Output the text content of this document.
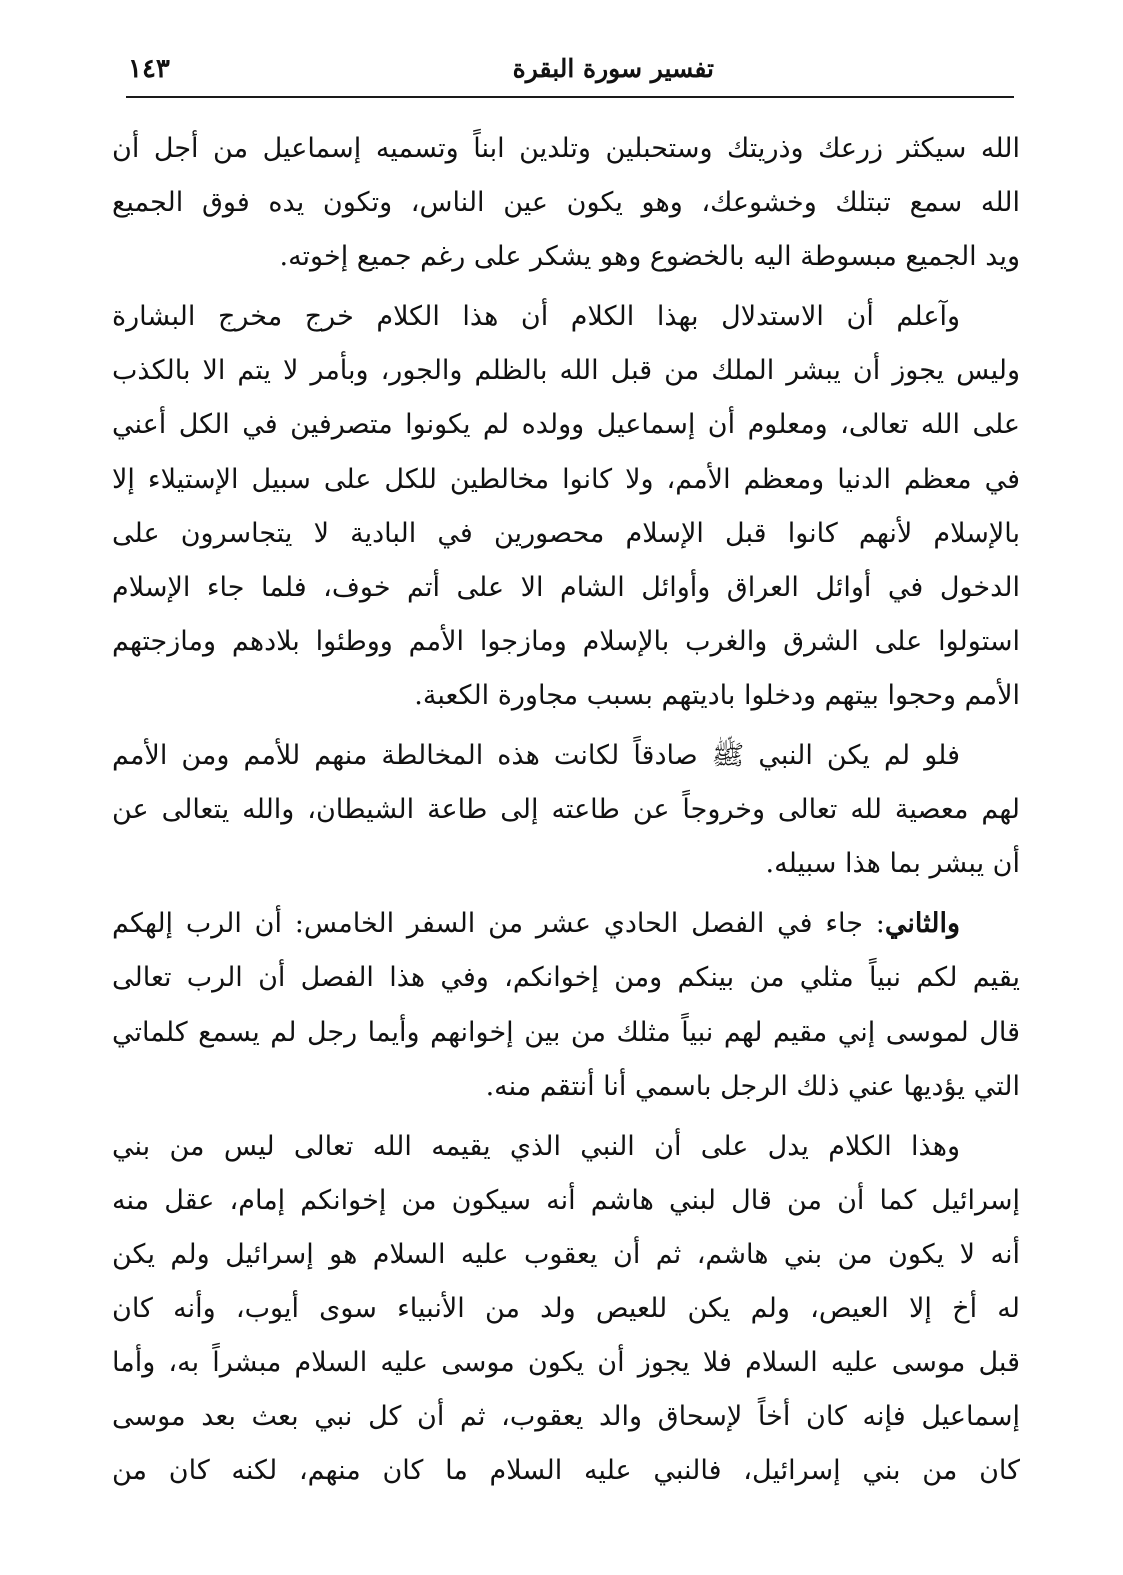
تفسير سورة البقرة
١٤٣
الله سيكثر زرعك وذريتك وستحبلين وتلدين ابناً وتسميه إسماعيل من أجل أن
الله سمع تبتلك وخشوعك، وهو يكون عين الناس، وتكون يده فوق الجميع
ويد الجميع مبسوطة اليه بالخضوع وهو يشكر على رغم جميع إخوته.
وآعلم أن الاستدلال بهذا الكلام أن هذا الكلام خرج مخرج البشارة
وليس يجوز أن يبشر الملك من قبل الله بالظلم والجور، وبأمر لا يتم الا بالكذب
على الله تعالى، ومعلوم أن إسماعيل وولده لم يكونوا متصرفين في الكل أعني
في معظم الدنيا ومعظم الأمم، ولا كانوا مخالطين للكل على سبيل الإستيلاء إلا
بالإسلام لأنهم كانوا قبل الإسلام محصورين في البادية لا يتجاسرون على
الدخول في أوائل العراق وأوائل الشام الا على أتم خوف، فلما جاء الإسلام
استولوا على الشرق والغرب بالإسلام ومازجوا الأمم ووطئوا بلادهم ومازجتهم
الأمم وحجوا بيتهم ودخلوا باديتهم بسبب مجاورة الكعبة.
فلو لم يكن النبي ﷺ صادقاً لكانت هذه المخالطة منهم للأمم ومن الأمم
لهم معصية لله تعالى وخروجاً عن طاعته إلى طاعة الشيطان، والله يتعالى عن
أن يبشر بما هذا سبيله.
والثاني: جاء في الفصل الحادي عشر من السفر الخامس: أن الرب إلهكم
يقيم لكم نبياً مثلي من بينكم ومن إخوانكم، وفي هذا الفصل أن الرب تعالى
قال لموسى إني مقيم لهم نبياً مثلك من بين إخوانهم وأيما رجل لم يسمع كلماتي
التي يؤديها عني ذلك الرجل باسمي أنا أنتقم منه.
وهذا الكلام يدل على أن النبي الذي يقيمه الله تعالى ليس من بني
إسرائيل كما أن من قال لبني هاشم أنه سيكون من إخوانكم إمام، عقل منه
أنه لا يكون من بني هاشم، ثم أن يعقوب عليه السلام هو إسرائيل ولم يكن
له أخ إلا العيص، ولم يكن للعيص ولد من الأنبياء سوى أيوب، وأنه كان
قبل موسى عليه السلام فلا يجوز أن يكون موسى عليه السلام مبشراً به، وأما
إسماعيل فإنه كان أخاً لإسحاق والد يعقوب، ثم أن كل نبي بعث بعد موسى
كان من بني إسرائيل، فالنبي عليه السلام ما كان منهم، لكنه كان من
